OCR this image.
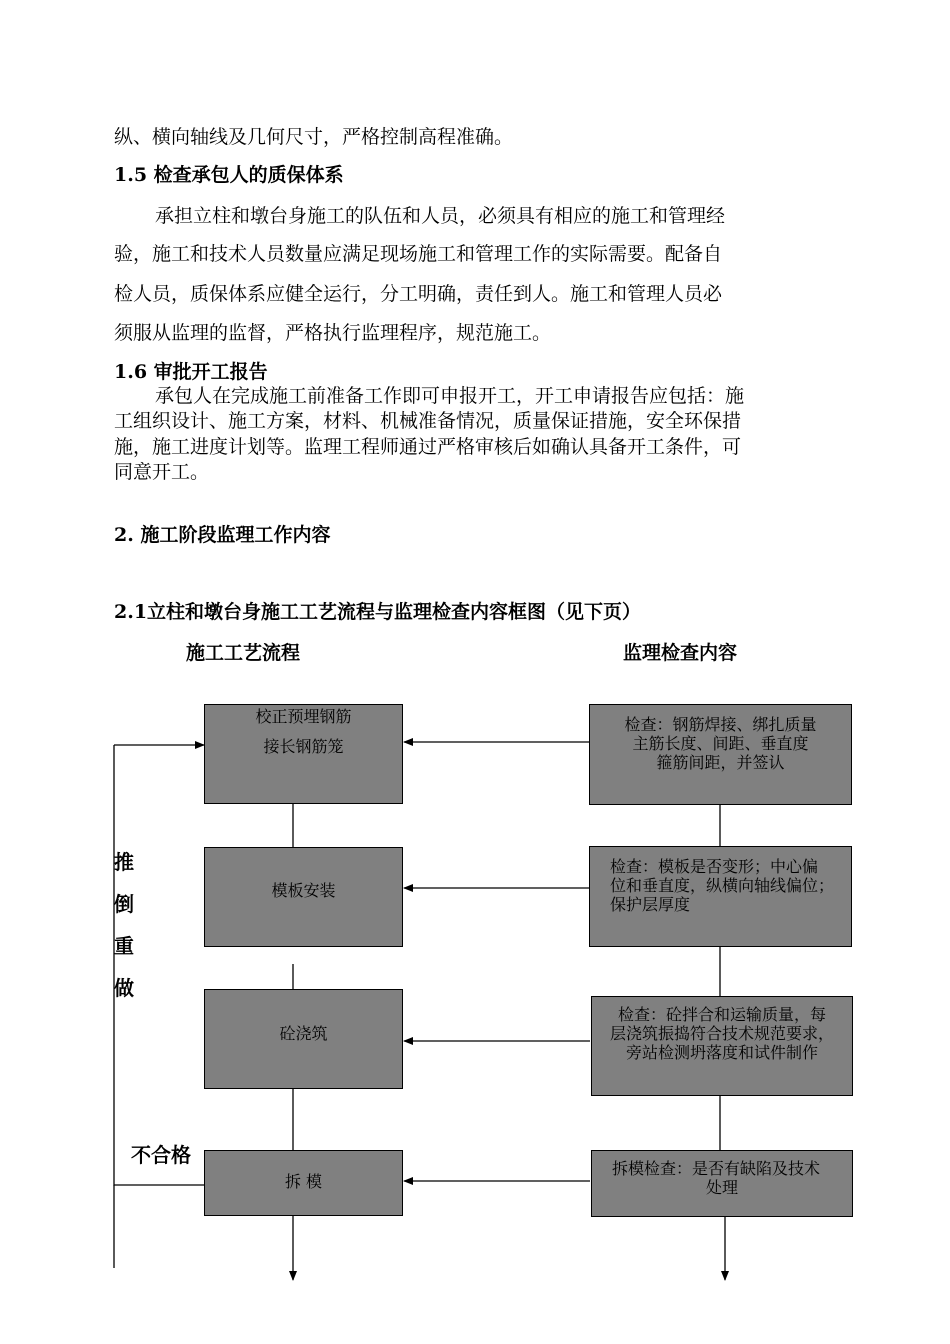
纵、横向轴线及几何尺寸，严格控制高程准确。
1.5 检查承包人的质保体系
承担立柱和墩台身施工的队伍和人员，必须具有相应的施工和管理经
验，施工和技术人员数量应满足现场施工和管理工作的实际需要。配备自
检人员，质保体系应健全运行，分工明确，责任到人。施工和管理人员必
须服从监理的监督，严格执行监理程序，规范施工。
1.6 审批开工报告
承包人在完成施工前准备工作即可申报开工，开工申请报告应包括：施
工组织设计、施工方案，材料、机械准备情况，质量保证措施，安全环保措
施，施工进度计划等。监理工程师通过严格审核后如确认具备开工条件，可
同意开工。
2. 施工阶段监理工作内容
2.1立柱和墩台身施工工艺流程与监理检查内容框图（见下页）
施工工艺流程	监理检查内容
校正预埋钢筋
接长钢筋笼
模板安装
砼浇筑
拆 模
检查：钢筋焊接、绑扎质量
主筋长度、间距、垂直度
箍筋间距，并签认
检查：模板是否变形；中心偏
位和垂直度，纵横向轴线偏位；
保护层厚度
检查：砼拌合和运输质量，每
层浇筑振捣符合技术规范要求，
旁站检测坍落度和试件制作
拆模检查：是否有缺陷及技术
处理
推
倒
重
做
不合格
